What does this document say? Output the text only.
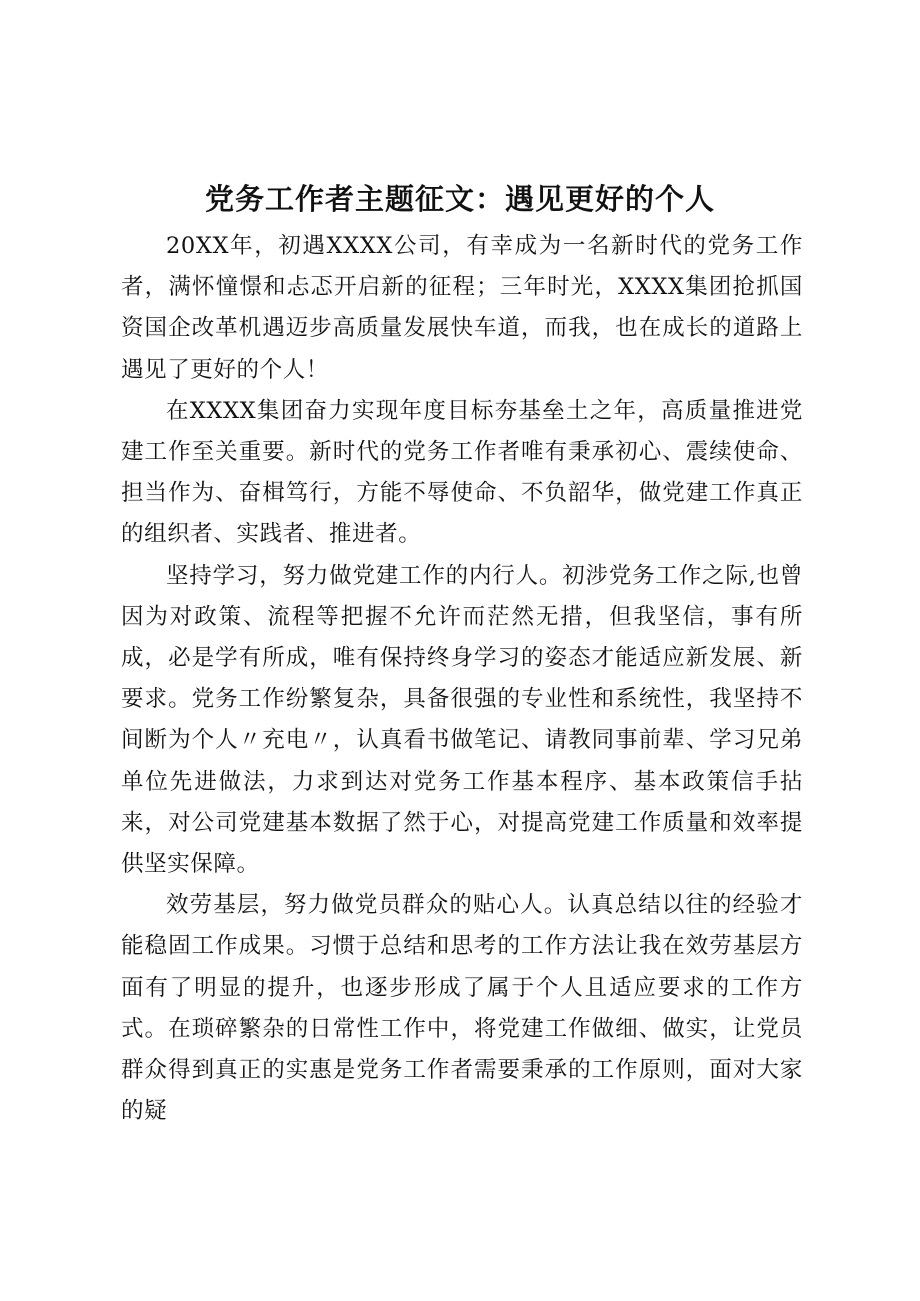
党务工作者主题征文：遇见更好的个人

20XX年，初遇XXXX公司，有幸成为一名新时代的党务工作者，满怀憧憬和忐忑开启新的征程；三年时光，XXXX集团抢抓国资国企改革机遇迈步高质量发展快车道，而我，也在成长的道路上遇见了更好的个人！

在XXXX集团奋力实现年度目标夯基垒土之年，高质量推进党建工作至关重要。新时代的党务工作者唯有秉承初心、震续使命、担当作为、奋楫笃行，方能不辱使命、不负韶华，做党建工作真正的组织者、实践者、推进者。

坚持学习，努力做党建工作的内行人。初涉党务工作之际,也曾因为对政策、流程等把握不允许而茫然无措，但我坚信，事有所成，必是学有所成，唯有保持终身学习的姿态才能适应新发展、新要求。党务工作纷繁复杂，具备很强的专业性和系统性，我坚持不间断为个人〃充电〃，认真看书做笔记、请教同事前辈、学习兄弟单位先进做法，力求到达对党务工作基本程序、基本政策信手拈来，对公司党建基本数据了然于心，对提高党建工作质量和效率提供坚实保障。

效劳基层，努力做党员群众的贴心人。认真总结以往的经验才能稳固工作成果。习惯于总结和思考的工作方法让我在效劳基层方面有了明显的提升，也逐步形成了属于个人且适应要求的工作方式。在琐碎繁杂的日常性工作中，将党建工作做细、做实，让党员群众得到真正的实惠是党务工作者需要秉承的工作原则，面对大家的疑
